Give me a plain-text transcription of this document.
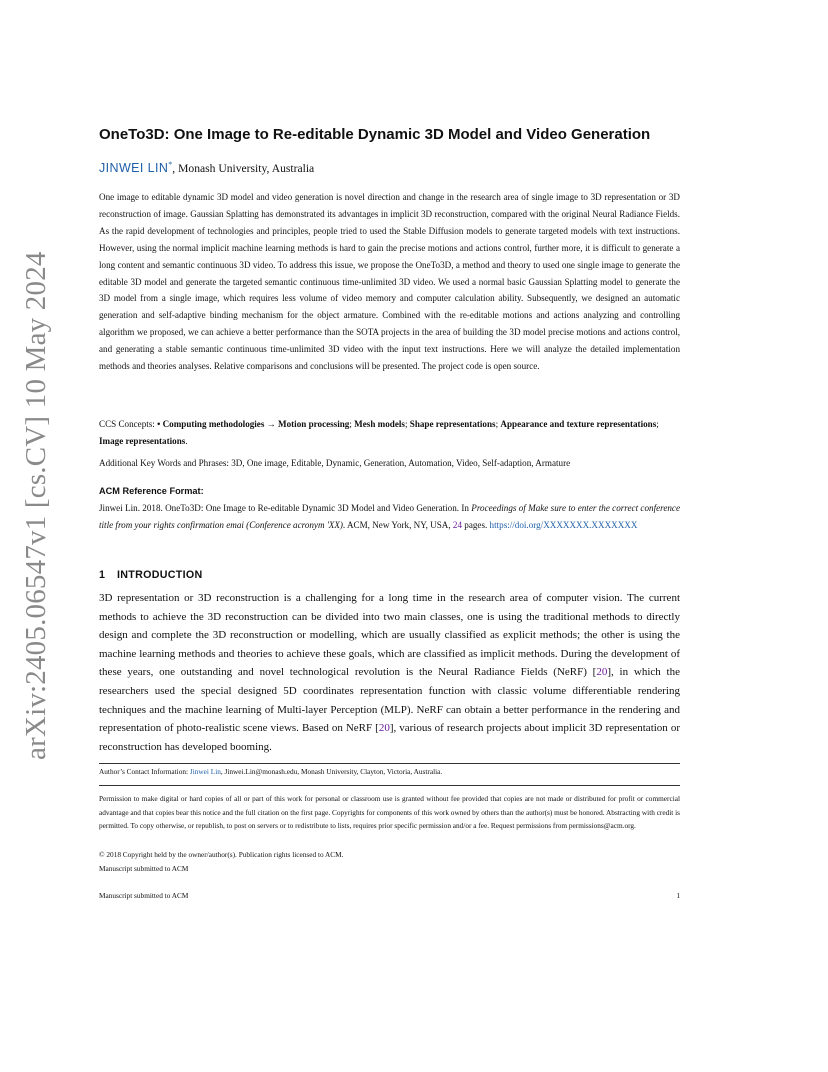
arXiv:2405.06547v1 [cs.CV] 10 May 2024
OneTo3D: One Image to Re-editable Dynamic 3D Model and Video Generation
JINWEI LIN*, Monash University, Australia
One image to editable dynamic 3D model and video generation is novel direction and change in the research area of single image to 3D representation or 3D reconstruction of image. Gaussian Splatting has demonstrated its advantages in implicit 3D reconstruction, compared with the original Neural Radiance Fields. As the rapid development of technologies and principles, people tried to used the Stable Diffusion models to generate targeted models with text instructions. However, using the normal implicit machine learning methods is hard to gain the precise motions and actions control, further more, it is difficult to generate a long content and semantic continuous 3D video. To address this issue, we propose the OneTo3D, a method and theory to used one single image to generate the editable 3D model and generate the targeted semantic continuous time-unlimited 3D video. We used a normal basic Gaussian Splatting model to generate the 3D model from a single image, which requires less volume of video memory and computer calculation ability. Subsequently, we designed an automatic generation and self-adaptive binding mechanism for the object armature. Combined with the re-editable motions and actions analyzing and controlling algorithm we proposed, we can achieve a better performance than the SOTA projects in the area of building the 3D model precise motions and actions control, and generating a stable semantic continuous time-unlimited 3D video with the input text instructions. Here we will analyze the detailed implementation methods and theories analyses. Relative comparisons and conclusions will be presented. The project code is open source.
CCS Concepts: • Computing methodologies → Motion processing; Mesh models; Shape representations; Appearance and texture representations; Image representations.
Additional Key Words and Phrases: 3D, One image, Editable, Dynamic, Generation, Automation, Video, Self-adaption, Armature
ACM Reference Format:
Jinwei Lin. 2018. OneTo3D: One Image to Re-editable Dynamic 3D Model and Video Generation. In Proceedings of Make sure to enter the correct conference title from your rights confirmation emai (Conference acronym 'XX). ACM, New York, NY, USA, 24 pages. https://doi.org/XXXXXXX.XXXXXXX
1 INTRODUCTION
3D representation or 3D reconstruction is a challenging for a long time in the research area of computer vision. The current methods to achieve the 3D reconstruction can be divided into two main classes, one is using the traditional methods to directly design and complete the 3D reconstruction or modelling, which are usually classified as explicit methods; the other is using the machine learning methods and theories to achieve these goals, which are classified as implicit methods. During the development of these years, one outstanding and novel technological revolution is the Neural Radiance Fields (NeRF) [20], in which the researchers used the special designed 5D coordinates representation function with classic volume differentiable rendering techniques and the machine learning of Multi-layer Perception (MLP). NeRF can obtain a better performance in the rendering and representation of photo-realistic scene views. Based on NeRF [20], various of research projects about implicit 3D representation or reconstruction has developed booming.
Author’s Contact Information: Jinwei Lin, Jinwei.Lin@monash.edu, Monash University, Clayton, Victoria, Australia.
Permission to make digital or hard copies of all or part of this work for personal or classroom use is granted without fee provided that copies are not made or distributed for profit or commercial advantage and that copies bear this notice and the full citation on the first page. Copyrights for components of this work owned by others than the author(s) must be honored. Abstracting with credit is permitted. To copy otherwise, or republish, to post on servers or to redistribute to lists, requires prior specific permission and/or a fee. Request permissions from permissions@acm.org.
© 2018 Copyright held by the owner/author(s). Publication rights licensed to ACM.
Manuscript submitted to ACM
Manuscript submitted to ACM	1
